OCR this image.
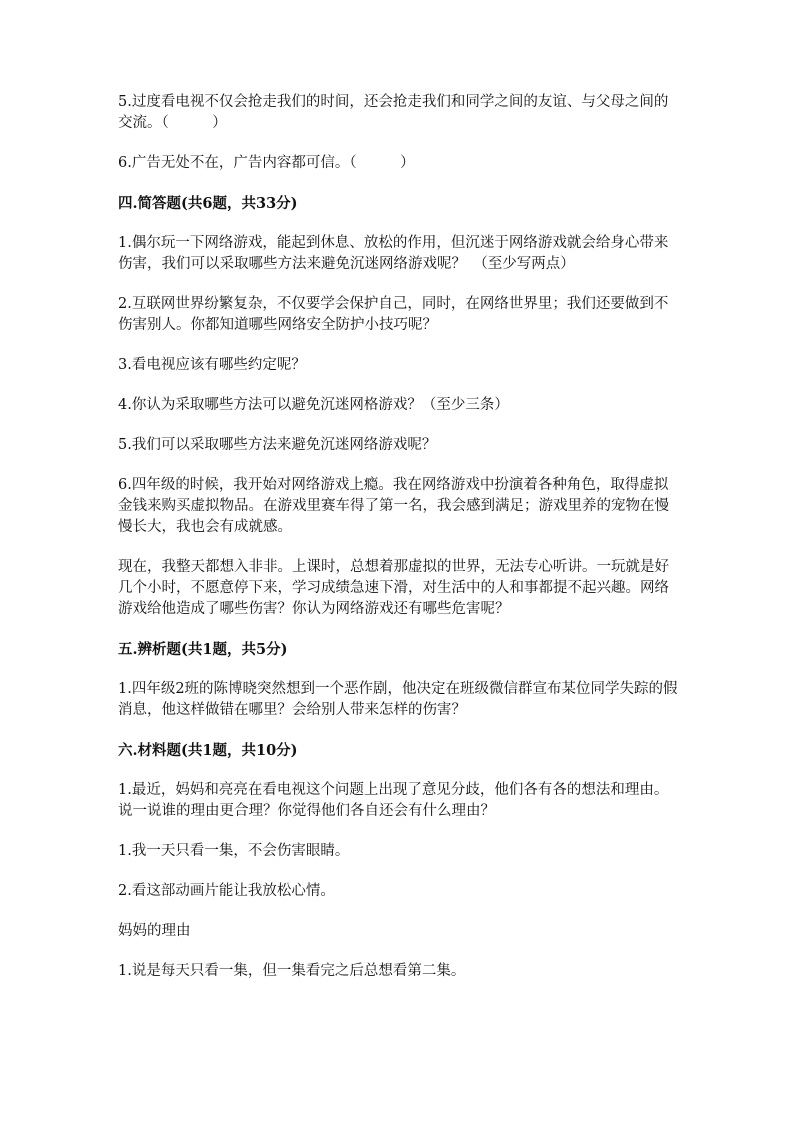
5.过度看电视不仅会抢走我们的时间，还会抢走我们和同学之间的友谊、与父母之间的交流。（　　　）

6.广告无处不在，广告内容都可信。（　　　）

四.简答题(共6题，共33分)

1.偶尔玩一下网络游戏，能起到休息、放松的作用，但沉迷于网络游戏就会给身心带来伤害，我们可以采取哪些方法来避免沉迷网络游戏呢？　（至少写两点）

2.互联网世界纷繁复杂，不仅要学会保护自己，同时，在网络世界里；我们还要做到不伤害别人。你都知道哪些网络安全防护小技巧呢？

3.看电视应该有哪些约定呢？

4.你认为采取哪些方法可以避免沉迷网格游戏？（至少三条）

5.我们可以采取哪些方法来避免沉迷网络游戏呢？

6.四年级的时候，我开始对网络游戏上瘾。我在网络游戏中扮演着各种角色，取得虚拟金钱来购买虚拟物品。在游戏里赛车得了第一名，我会感到满足；游戏里养的宠物在慢慢长大，我也会有成就感。

现在，我整天都想入非非。上课时，总想着那虚拟的世界，无法专心听讲。一玩就是好几个小时，不愿意停下来，学习成绩急速下滑，对生活中的人和事都提不起兴趣。网络游戏给他造成了哪些伤害？你认为网络游戏还有哪些危害呢？

五.辨析题(共1题，共5分)

1.四年级2班的陈博晓突然想到一个恶作剧，他决定在班级微信群宣布某位同学失踪的假消息，他这样做错在哪里？会给别人带来怎样的伤害？

六.材料题(共1题，共10分)

1.最近，妈妈和亮亮在看电视这个问题上出现了意见分歧，他们各有各的想法和理由。说一说谁的理由更合理？你觉得他们各自还会有什么理由？

1.我一天只看一集，不会伤害眼睛。

2.看这部动画片能让我放松心情。

妈妈的理由

1.说是每天只看一集，但一集看完之后总想看第二集。
